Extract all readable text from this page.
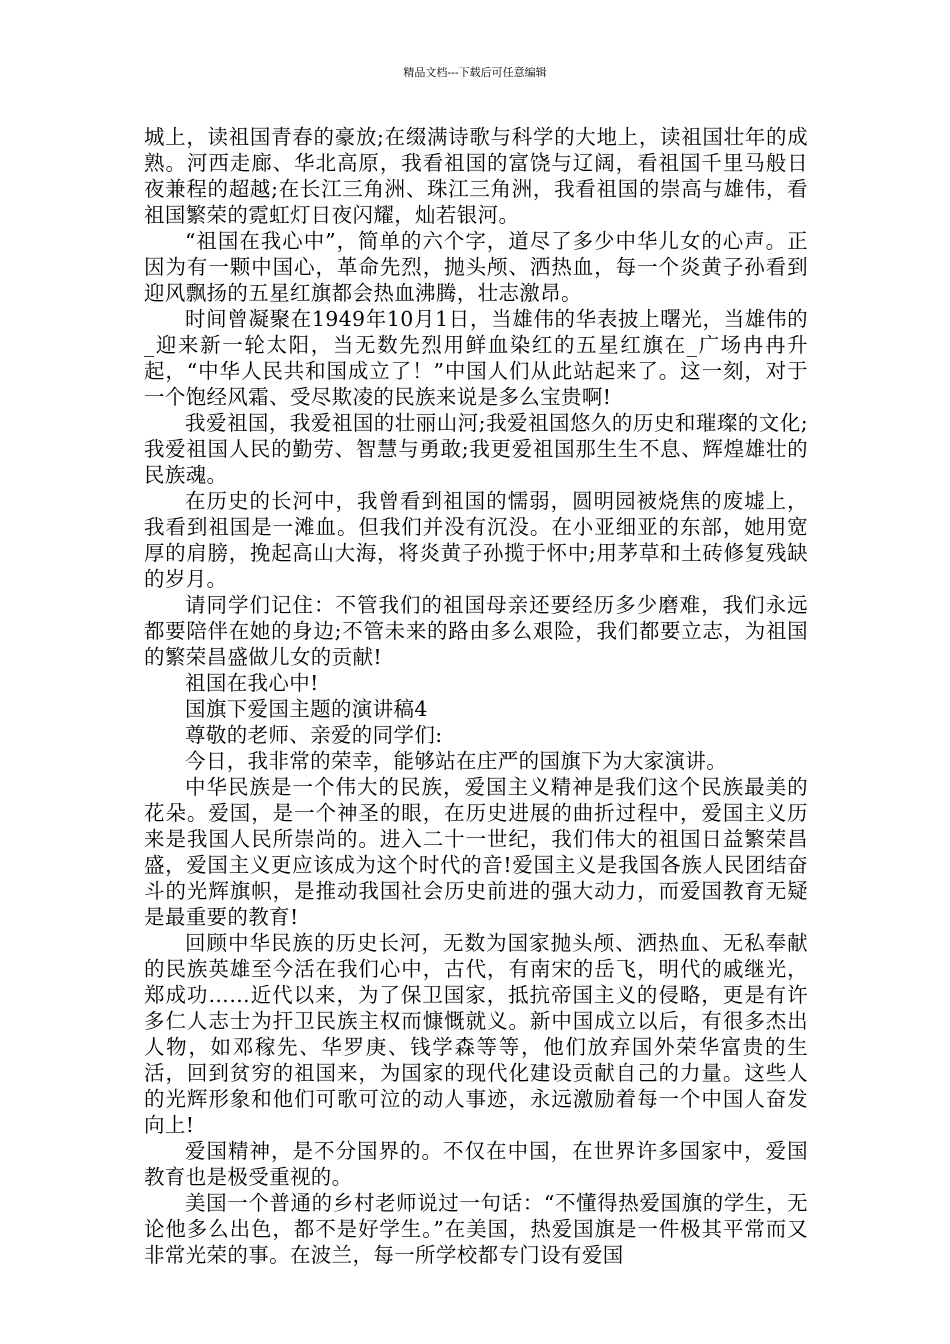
精品文档---下载后可任意编辑

城上，读祖国青春的豪放;在缀满诗歌与科学的大地上，读祖国壮年的成熟。河西走廊、华北高原，我看祖国的富饶与辽阔，看祖国千里马般日夜兼程的超越;在长江三角洲、珠江三角洲，我看祖国的崇高与雄伟，看祖国繁荣的霓虹灯日夜闪耀，灿若银河。

“祖国在我心中”，简单的六个字，道尽了多少中华儿女的心声。正因为有一颗中国心，革命先烈，抛头颅、洒热血，每一个炎黄子孙看到迎风飘扬的五星红旗都会热血沸腾，壮志激昂。

时间曾凝聚在1949年10月1日，当雄伟的华表披上曙光，当雄伟的_迎来新一轮太阳，当无数先烈用鲜血染红的五星红旗在_广场冉冉升起，“中华人民共和国成立了！”中国人们从此站起来了。这一刻，对于一个饱经风霜、受尽欺凌的民族来说是多么宝贵啊!

我爱祖国，我爱祖国的壮丽山河;我爱祖国悠久的历史和璀璨的文化;我爱祖国人民的勤劳、智慧与勇敢;我更爱祖国那生生不息、辉煌雄壮的民族魂。

在历史的长河中，我曾看到祖国的懦弱，圆明园被烧焦的废墟上，我看到祖国是一滩血。但我们并没有沉没。在小亚细亚的东部，她用宽厚的肩膀，挽起高山大海，将炎黄子孙揽于怀中;用茅草和土砖修复残缺的岁月。

请同学们记住：不管我们的祖国母亲还要经历多少磨难，我们永远都要陪伴在她的身边;不管未来的路由多么艰险，我们都要立志，为祖国的繁荣昌盛做儿女的贡献!

祖国在我心中!

国旗下爱国主题的演讲稿4

尊敬的老师、亲爱的同学们:

今日，我非常的荣幸，能够站在庄严的国旗下为大家演讲。

中华民族是一个伟大的民族，爱国主义精神是我们这个民族最美的花朵。爱国，是一个神圣的眼，在历史进展的曲折过程中，爱国主义历来是我国人民所崇尚的。进入二十一世纪，我们伟大的祖国日益繁荣昌盛，爱国主义更应该成为这个时代的音!爱国主义是我国各族人民团结奋斗的光辉旗帜，是推动我国社会历史前进的强大动力，而爱国教育无疑是最重要的教育!

回顾中华民族的历史长河，无数为国家抛头颅、洒热血、无私奉献的民族英雄至今活在我们心中，古代，有南宋的岳飞，明代的戚继光，郑成功……近代以来，为了保卫国家，抵抗帝国主义的侵略，更是有许多仁人志士为扞卫民族主权而慷慨就义。新中国成立以后，有很多杰出人物，如邓稼先、华罗庚、钱学森等等，他们放弃国外荣华富贵的生活，回到贫穷的祖国来，为国家的现代化建设贡献自己的力量。这些人的光辉形象和他们可歌可泣的动人事迹，永远激励着每一个中国人奋发向上!

爱国精神，是不分国界的。不仅在中国，在世界许多国家中，爱国教育也是极受重视的。

美国一个普通的乡村老师说过一句话：“不懂得热爱国旗的学生，无论他多么出色，都不是好学生。”在美国，热爱国旗是一件极其平常而又非常光荣的事。在波兰，每一所学校都专门设有爱国
